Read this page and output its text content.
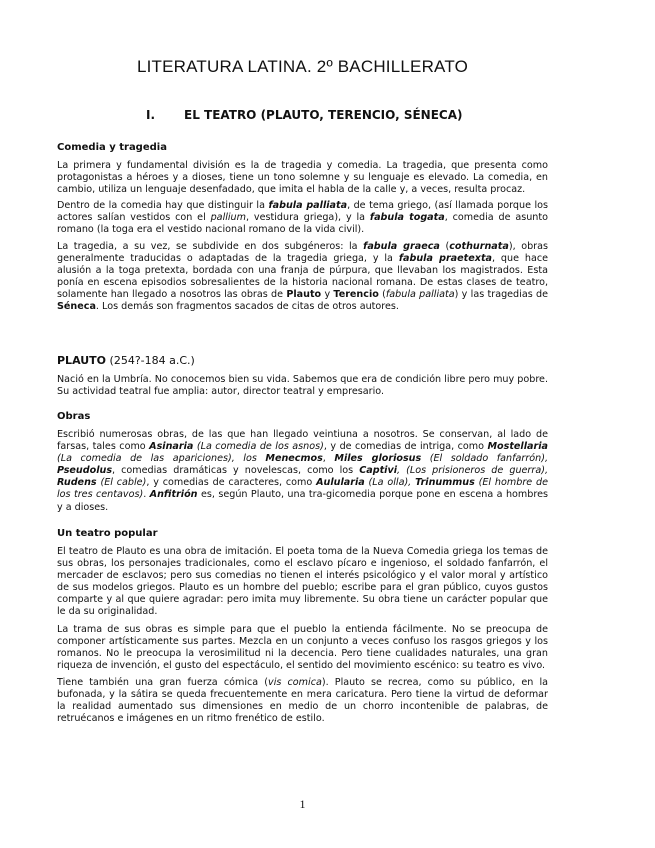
LITERATURA LATINA. 2º BACHILLERATO
I. EL TEATRO (PLAUTO, TERENCIO, SÉNECA)
Comedia y tragedia

La primera y fundamental división es la de tragedia y comedia. La tragedia, que presenta como protagonistas a héroes y a dioses, tiene un tono solemne y su lenguaje es elevado. La comedia, en cambio, utiliza un lenguaje desenfadado, que imita el habla de la calle y, a veces, resulta procaz.

Dentro de la comedia hay que distinguir la fabula palliata, de tema griego, (así llamada porque los actores salían vestidos con el pallium, vestidura griega), y la fabula togata, comedia de asunto romano (la toga era el vestido nacional romano de la vida civil).

La tragedia, a su vez, se subdivide en dos subgéneros: la fabula graeca (cothurnata), obras generalmente traducidas o adaptadas de la tragedia griega, y la fabula praetexta, que hace alusión a la toga pretexta, bordada con una franja de púrpura, que llevaban los magistrados. Esta ponía en escena episodios sobresalientes de la historia nacional romana. De estas clases de teatro, solamente han llegado a nosotros las obras de Plauto y Terencio (fabula palliata) y las tragedias de Séneca. Los demás son fragmentos sacados de citas de otros autores.

PLAUTO (254?-184 a.C.)

Nació en la Umbría. No conocemos bien su vida. Sabemos que era de condición libre pero muy pobre. Su actividad teatral fue amplia: autor, director teatral y empresario.

Obras

Escribió numerosas obras, de las que han llegado veintiuna a nosotros. Se conservan, al lado de farsas, tales como Asinaria (La comedia de los asnos), y de comedias de intriga, como Mostellaria (La comedia de las apariciones), los Menecmos, Miles gloriosus (El soldado fanfarrón), Pseudolus, comedias dramáticas y novelescas, como los Captivi, (Los prisioneros de guerra), Rudens (El cable), y comedias de caracteres, como Aulularia (La olla), Trinummus (El hombre de los tres centavos). Anfitrión es, según Plauto, una tra-gicomedia porque pone en escena a hombres y a dioses.

Un teatro popular

El teatro de Plauto es una obra de imitación. El poeta toma de la Nueva Comedia griega los temas de sus obras, los personajes tradicionales, como el esclavo pícaro e ingenioso, el soldado fanfarrón, el mercader de esclavos; pero sus comedias no tienen el interés psicológico y el valor moral y artístico de sus modelos griegos. Plauto es un hombre del pueblo; escribe para el gran público, cuyos gustos comparte y al que quiere agradar: pero imita muy libremente. Su obra tiene un carácter popular que le da su originalidad.

La trama de sus obras es simple para que el pueblo la entienda fácilmente. No se preocupa de componer artísticamente sus partes. Mezcla en un conjunto a veces confuso los rasgos griegos y los romanos. No le preocupa la verosimilitud ni la decencia. Pero tiene cualidades naturales, una gran riqueza de invención, el gusto del espectáculo, el sentido del movimiento escénico: su teatro es vivo.

Tiene también una gran fuerza cómica (vis comica). Plauto se recrea, como su público, en la bufonada, y la sátira se queda frecuentemente en mera caricatura. Pero tiene la virtud de deformar la realidad aumentado sus dimensiones en medio de un chorro incontenible de palabras, de retruécanos e imágenes en un ritmo frenético de estilo.

1
